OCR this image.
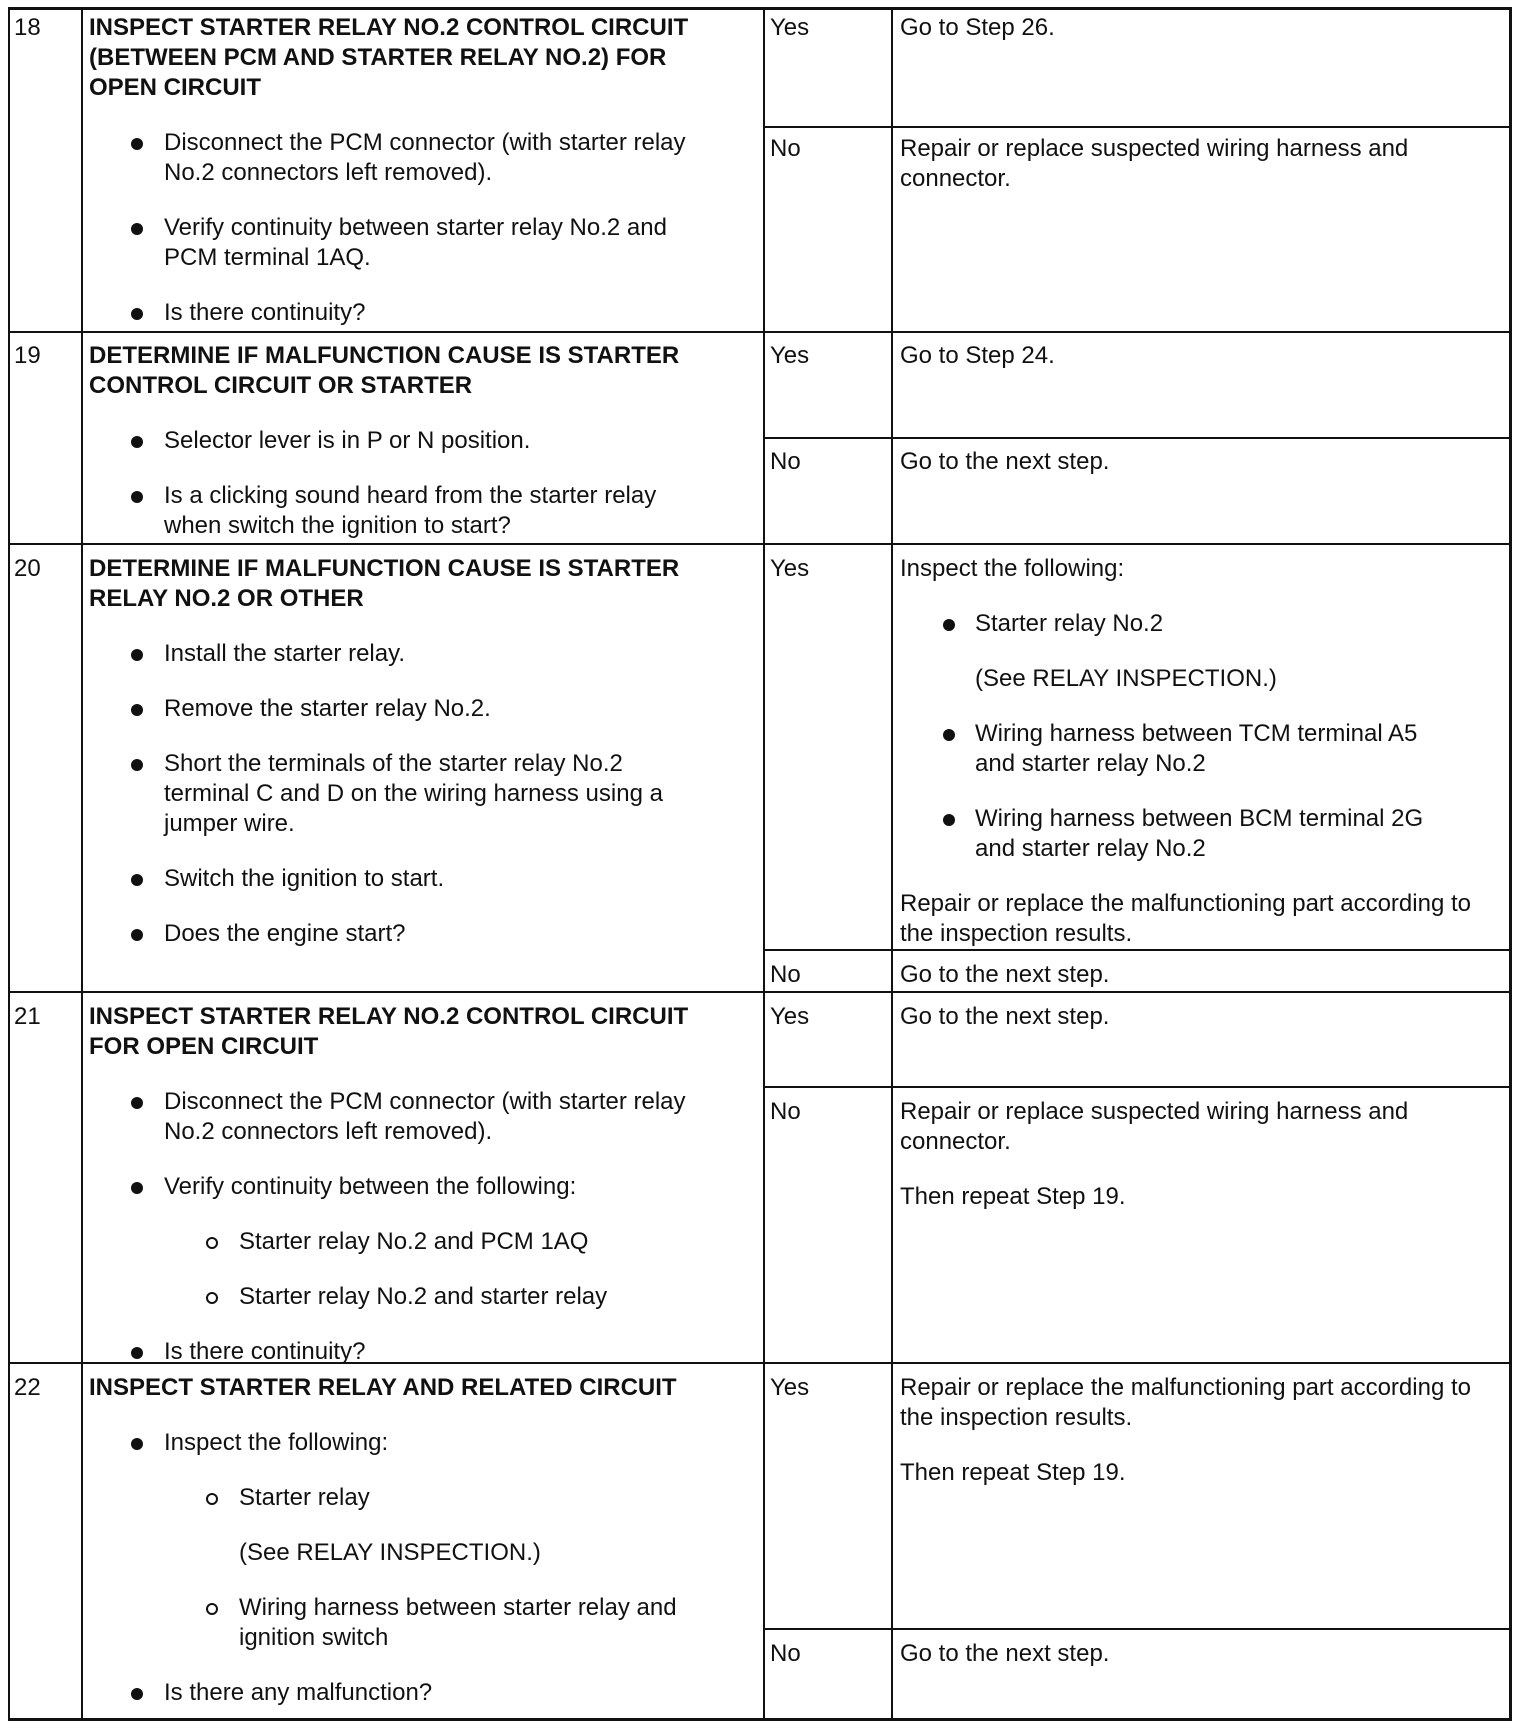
18 INSPECT STARTER RELAY NO.2 CONTROL CIRCUIT
(BETWEEN PCM AND STARTER RELAY NO.2) FOR
OPEN CIRCUIT
Disconnect the PCM connector (with starter relay
No.2 connectors left removed).
Verify continuity between starter relay No.2 and
PCM terminal 1AQ.
Is there continuity?
Yes	Go to Step 26.
No	Repair or replace suspected wiring harness and
connector.
19 DETERMINE IF MALFUNCTION CAUSE IS STARTER
CONTROL CIRCUIT OR STARTER
Selector lever is in P or N position.
Is a clicking sound heard from the starter relay
when switch the ignition to start?
Yes	Go to Step 24.
No	Go to the next step.
20 DETERMINE IF MALFUNCTION CAUSE IS STARTER
RELAY NO.2 OR OTHER
Install the starter relay.
Remove the starter relay No.2.
Short the terminals of the starter relay No.2
terminal C and D on the wiring harness using a
jumper wire.
Switch the ignition to start.
Does the engine start?
Yes	Inspect the following:
Starter relay No.2
(See RELAY INSPECTION.)
Wiring harness between TCM terminal A5
and starter relay No.2
Wiring harness between BCM terminal 2G
and starter relay No.2
Repair or replace the malfunctioning part according to
the inspection results.
No	Go to the next step.
21 INSPECT STARTER RELAY NO.2 CONTROL CIRCUIT
FOR OPEN CIRCUIT
Disconnect the PCM connector (with starter relay
No.2 connectors left removed).
Verify continuity between the following:
Starter relay No.2 and PCM 1AQ
Starter relay No.2 and starter relay
Is there continuity?
Yes	Go to the next step.
No	Repair or replace suspected wiring harness and
connector.
Then repeat Step 19.
22 INSPECT STARTER RELAY AND RELATED CIRCUIT
Inspect the following:
Starter relay
(See RELAY INSPECTION.)
Wiring harness between starter relay and
ignition switch
Is there any malfunction?
Yes	Repair or replace the malfunctioning part according to
the inspection results.
Then repeat Step 19.
No	Go to the next step.
